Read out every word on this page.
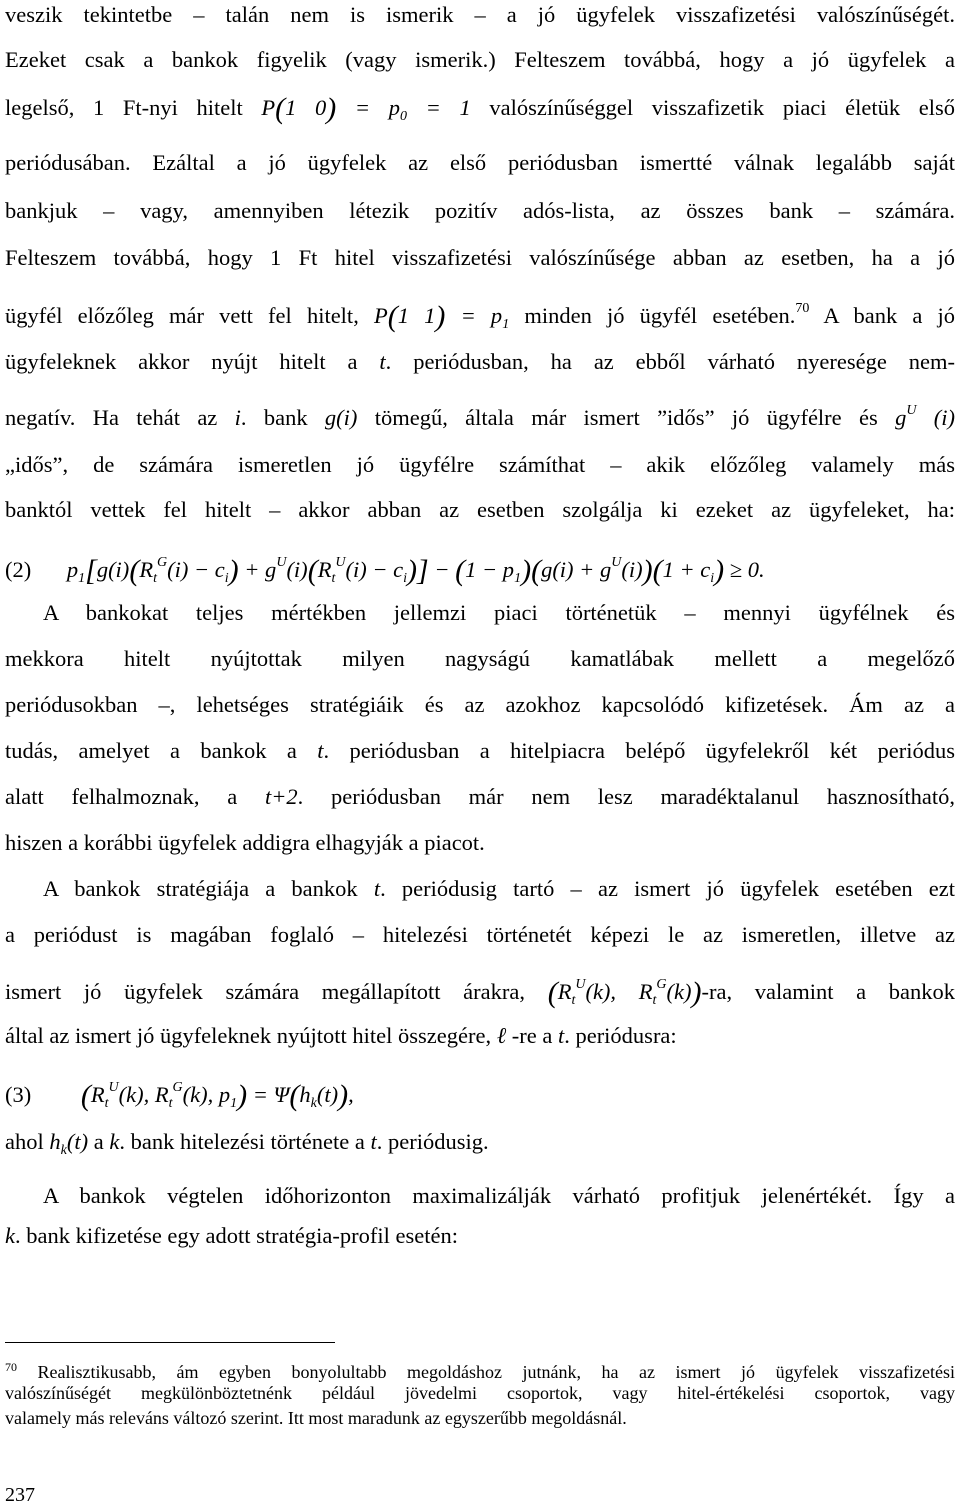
veszik tekintetbe – talán nem is ismerik – a jó ügyfelek visszafizetési valószínűségét.
Ezeket csak a bankok figyelik (vagy ismerik.) Felteszem továbbá, hogy a jó ügyfelek a
legelső, 1 Ft-nyi hitelt P(1 $0) = p_0 = 1$ valószínűséggel visszafizetik piaci életük első
periódusában. Ezáltal a jó ügyfelek az első periódusban ismertté válnak legalább saját
bankjuk – vagy, amennyiben létezik pozitív adós-lista, az összes bank – számára.
Felteszem továbbá, hogy 1 Ft hitel visszafizetési valószínűsége abban az esetben, ha a jó
ügyfél előzőleg már vett fel hitelt, P(1 $1) = p_1$ minden jó ügyfél esetében.$^{70}$ A bank a jó
ügyfeleknek akkor nyújt hitelt a t. periódusban, ha az ebből várható nyeresége nem-
negatív. Ha tehát az i. bank g(i) tömegű, általa már ismert ”idős” jó ügyfélre és $g^U$ (i)
„idős”, de számára ismeretlen jó ügyfélre számíthat – akik előzőleg valamely más
banktól vettek fel hitelt – akkor abban az esetben szolgálja ki ezeket az ügyfeleket, ha:
(2) $p_1[g(i)(R_t^G(i) - c_i) + g^U(i)(R_t^U(i) - c_i)] - (1 - p_1)(g(i) + g^U(i))(1 + c_i) \ge 0$.
A bankokat teljes mértékben jellemzi piaci történetük – mennyi ügyfélnek és
mekkora hitelt nyújtottak milyen nagyságú kamatlábak mellett a megelőző
periódusokban –, lehetséges stratégiáik és az azokhoz kapcsolódó kifizetések. Ám az a
tudás, amelyet a bankok a t. periódusban a hitelpiacra belépő ügyfelekről két periódus
alatt felhalmoznak, a t+2. periódusban már nem lesz maradéktalanul hasznosítható,
hiszen a korábbi ügyfelek addigra elhagyják a piacot.
A bankok stratégiája a bankok t. periódusig tartó – az ismert jó ügyfelek esetében ezt
a periódust is magában foglaló – hitelezési történetét képezi le az ismeretlen, illetve az
ismert jó ügyfelek számára megállapított árakra, ($R_t^U(k)$, $R_t^G(k))-ra$, valamint a bankok
által az ismert jó ügyfeleknek nyújtott hitel összegére, ℓ -re a t. periódusra:
(3) ($R_t^U(k)$, $R_t^G(k)$, $p_1) = \Psi(h_k(t))$,
ahol $h_k(t)$ a k. bank hitelezési története a t. periódusig.
A bankok végtelen időhorizonton maximalizálják várható profitjuk jelenértékét. Így a
k. bank kifizetése egy adott stratégia-profil esetén:
$^{70}$ Realisztikusabb, ám egyben bonyolultabb megoldáshoz jutnánk, ha az ismert jó ügyfelek visszafizetési
valószínűségét megkülönböztetnénk például jövedelmi csoportok, vagy hitel-értékelési csoportok, vagy
valamely más releváns változó szerint. Itt most maradunk az egyszerűbb megoldásnál.
237
